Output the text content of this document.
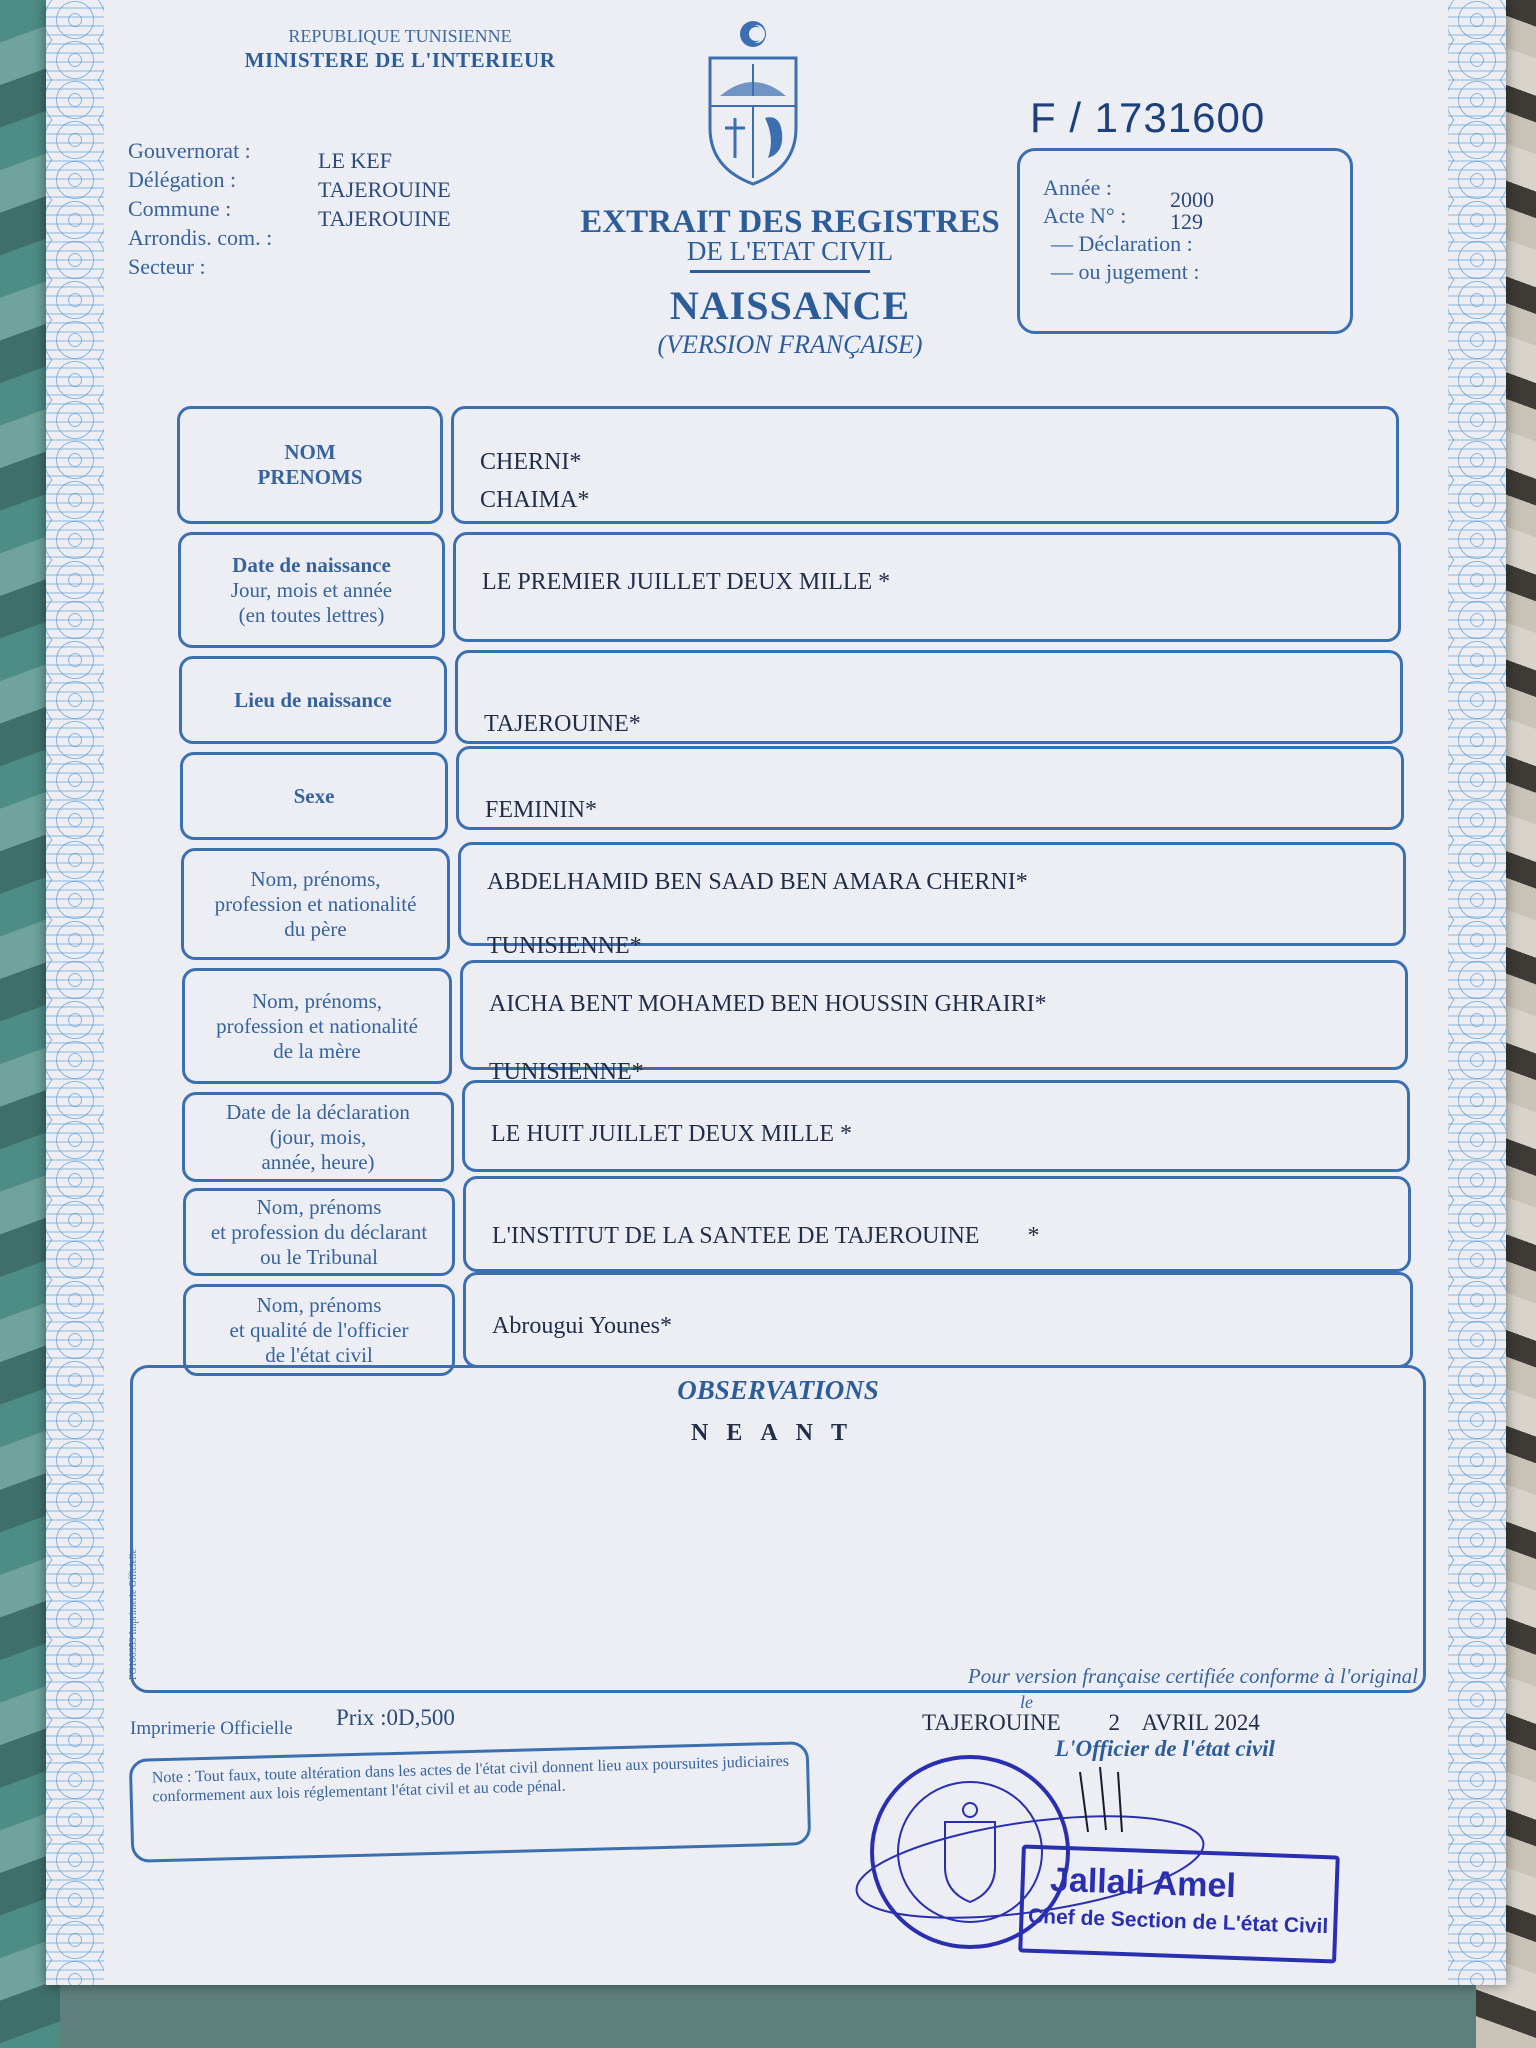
REPUBLIQUE TUNISIENNE
MINISTERE DE L'INTERIEUR
Gouvernorat :
Délégation :
Commune :
Arrondis. com. :
Secteur :
LE KEF
TAJEROUINE
TAJEROUINE
F / 1731600
EXTRAIT DES REGISTRES
DE L'ETAT CIVIL
NAISSANCE
(VERSION FRANÇAISE)
Année :
Acte N° :
— Déclaration :
— ou jugement :
2000
129
NOM
PRENOMS
CHERNI*
CHAIMA*
Date de naissance
Jour, mois et année
(en toutes lettres)
LE PREMIER JUILLET DEUX MILLE *
Lieu de naissance
TAJEROUINE*
Sexe
FEMININ*
Nom, prénoms,
profession et nationalité
du père
ABDELHAMID BEN SAAD BEN AMARA CHERNI*
TUNISIENNE*
Nom, prénoms,
profession et nationalité
de la mère
AICHA BENT MOHAMED BEN HOUSSIN GHRAIRI*
TUNISIENNE*
Date de la déclaration
(jour, mois,
année, heure)
LE HUIT JUILLET DEUX MILLE *
Nom, prénoms
et profession du déclarant
ou le Tribunal
L'INSTITUT DE LA SANTEE DE TAJEROUINE        *
Nom, prénoms
et qualité de l'officier
de l'état civil
Abrougui Younes*
OBSERVATIONS
NEANT
FG100359 Imprimerie Officielle	Pour version française certifiée conforme à l'original
le
TAJEROUINE 2    AVRIL 2024
L'Officier de l'état civil
Imprimerie Officielle Prix :0D,500
Note : Tout faux, toute altération dans les actes de l'état civil donnent lieu aux poursuites judiciaires conformement aux lois réglementant l'état civil et au code pénal.
Jallali Amel
Chef de Section de L'état Civil
